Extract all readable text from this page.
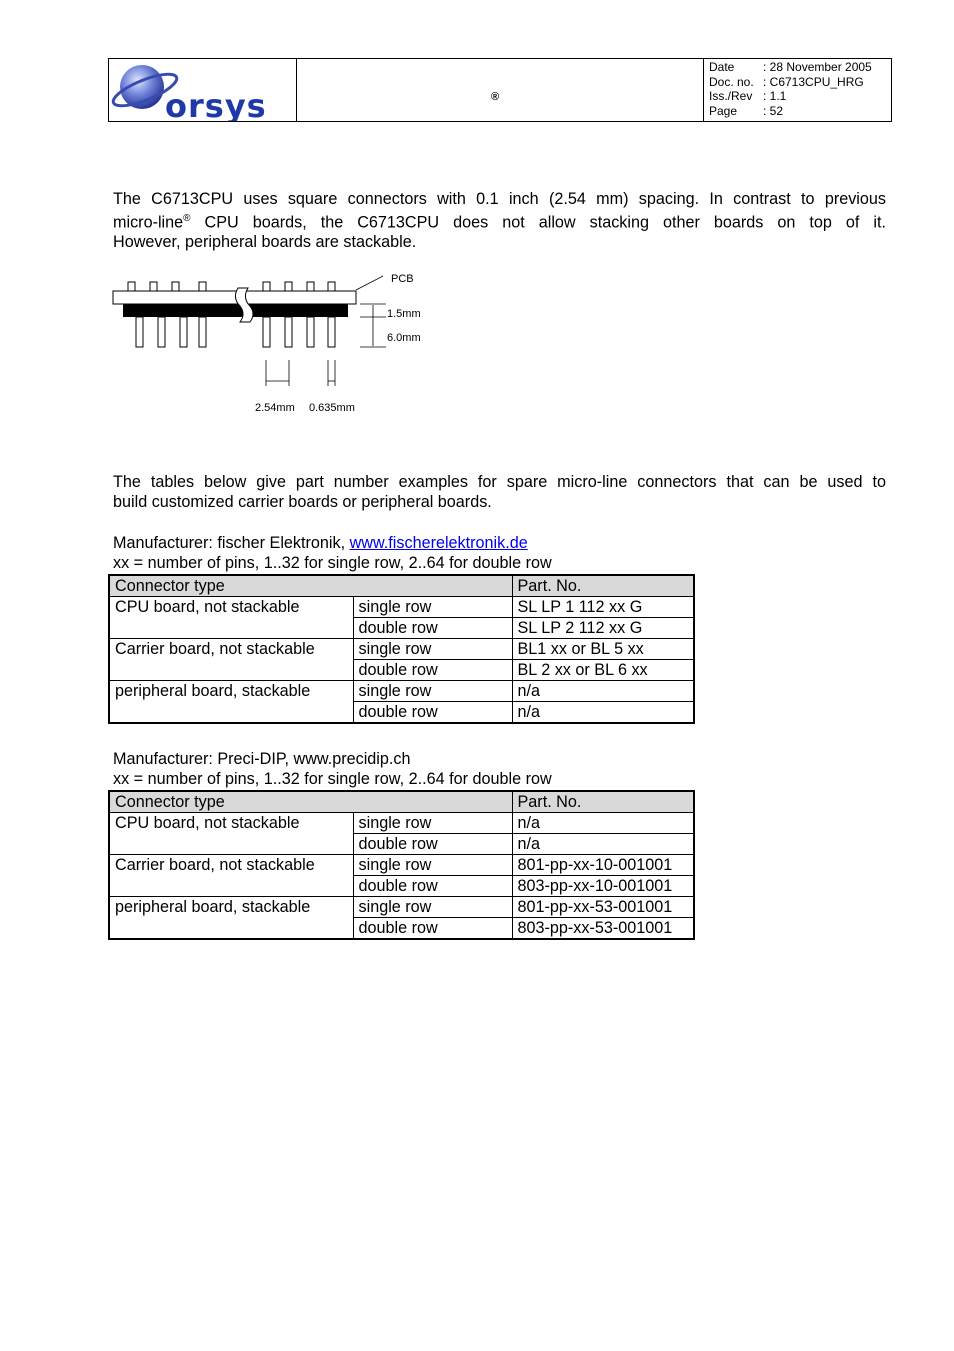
orsys	®
Date	: 28 November 2005
Doc. no. : C6713CPU_HRG
Iss./Rev : 1.1
Page	: 52

The C6713CPU uses square connectors with 0.1 inch (2.54 mm) spacing. In contrast to previous
micro-line® CPU boards, the C6713CPU does not allow stacking other boards on top of it.
However, peripheral boards are stackable.

PCB
1.5mm
6.0mm
2.54mm 0.635mm

The tables below give part number examples for spare micro-line connectors that can be used to
build customized carrier boards or peripheral boards.

Manufacturer: fischer Elektronik, www.fischerelektronik.de
xx = number of pins, 1..32 for single row, 2..64 for double row
Connector type		Part. No.
CPU board, not stackable	single row	SL LP 1 112 xx G
	double row	SL LP 2 112 xx G
Carrier board, not stackable	single row	BL1 xx or BL 5 xx
	double row	BL 2 xx or BL 6 xx
peripheral board, stackable	single row	n/a
	double row	n/a
Manufacturer: Preci-DIP, www.precidip.ch
xx = number of pins, 1..32 for single row, 2..64 for double row
Connector type		Part. No.
CPU board, not stackable	single row	n/a
	double row	n/a
Carrier board, not stackable	single row	801-pp-xx-10-001001
	double row	803-pp-xx-10-001001
peripheral board, stackable	single row	801-pp-xx-53-001001
	double row	803-pp-xx-53-001001
